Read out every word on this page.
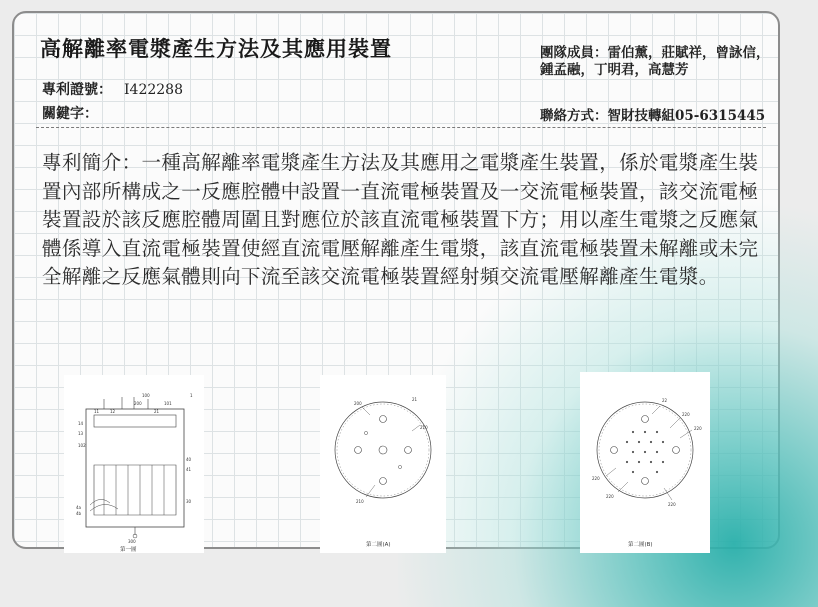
高解離率電漿產生方法及其應用裝置
專利證號： I422288
關鍵字：
團隊成員：雷伯薰，莊賦祥，曾詠信，鍾孟融，丁明君，高慧芳
聯絡方式：智財技轉組05-6315445

專利簡介：一種高解離率電漿產生方法及其應用之電漿產生裝置，係於電漿產生裝置內部所構成之一反應腔體中設置一直流電極裝置及一交流電極裝置，該交流電極裝置設於該反應腔體周圍且對應位於該直流電極裝置下方；用以產生電漿之反應氣體係導入直流電極裝置使經直流電壓解離產生電漿，該直流電極裝置未解離或未完全解離之反應氣體則向下流至該交流電極裝置經射頻交流電壓解離產生電漿。

100	1
101
200
11	12	21
14
13
102
40
41
30
4a
4b
300
第一圖
200
21
210
210
第二圖(A)
22
220
220
220
220
220
第二圖(B)
